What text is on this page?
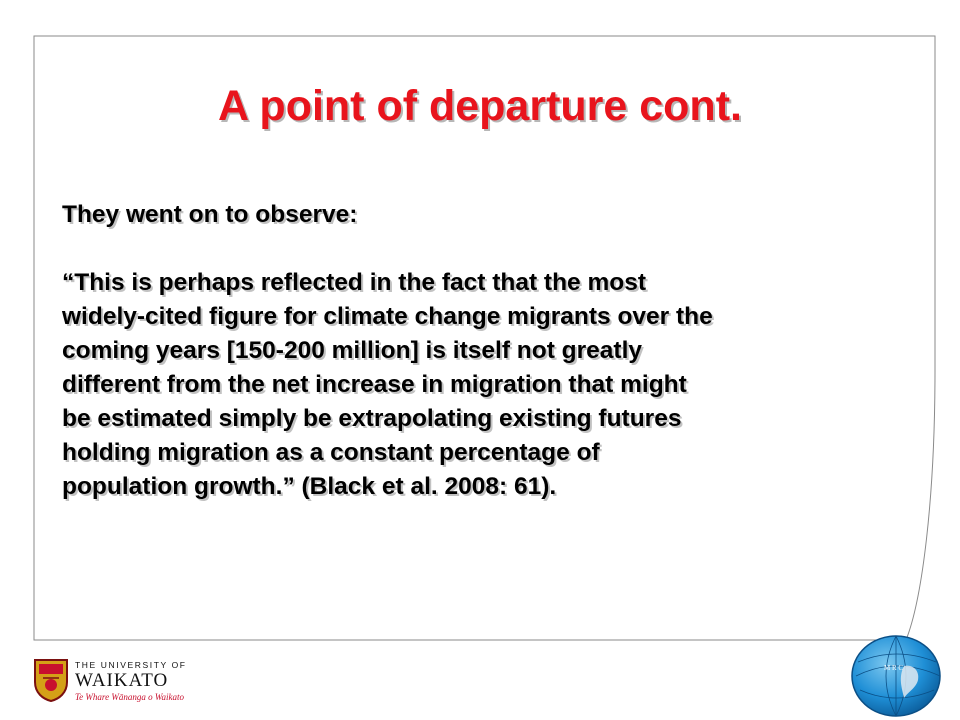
A point of departure cont.

They went on to observe:

“This is perhaps reflected in the fact that the most
widely-cited figure for climate change migrants over the
coming years [150-200 million] is itself not greatly
different from the net increase in migration that might
be estimated simply be extrapolating existing futures
holding migration as a constant percentage of
population growth.” (Black et al. 2008: 61).

THE UNIVERSITY OF
WAIKATO
Te Whare Wānanga o Waikato
M R C
